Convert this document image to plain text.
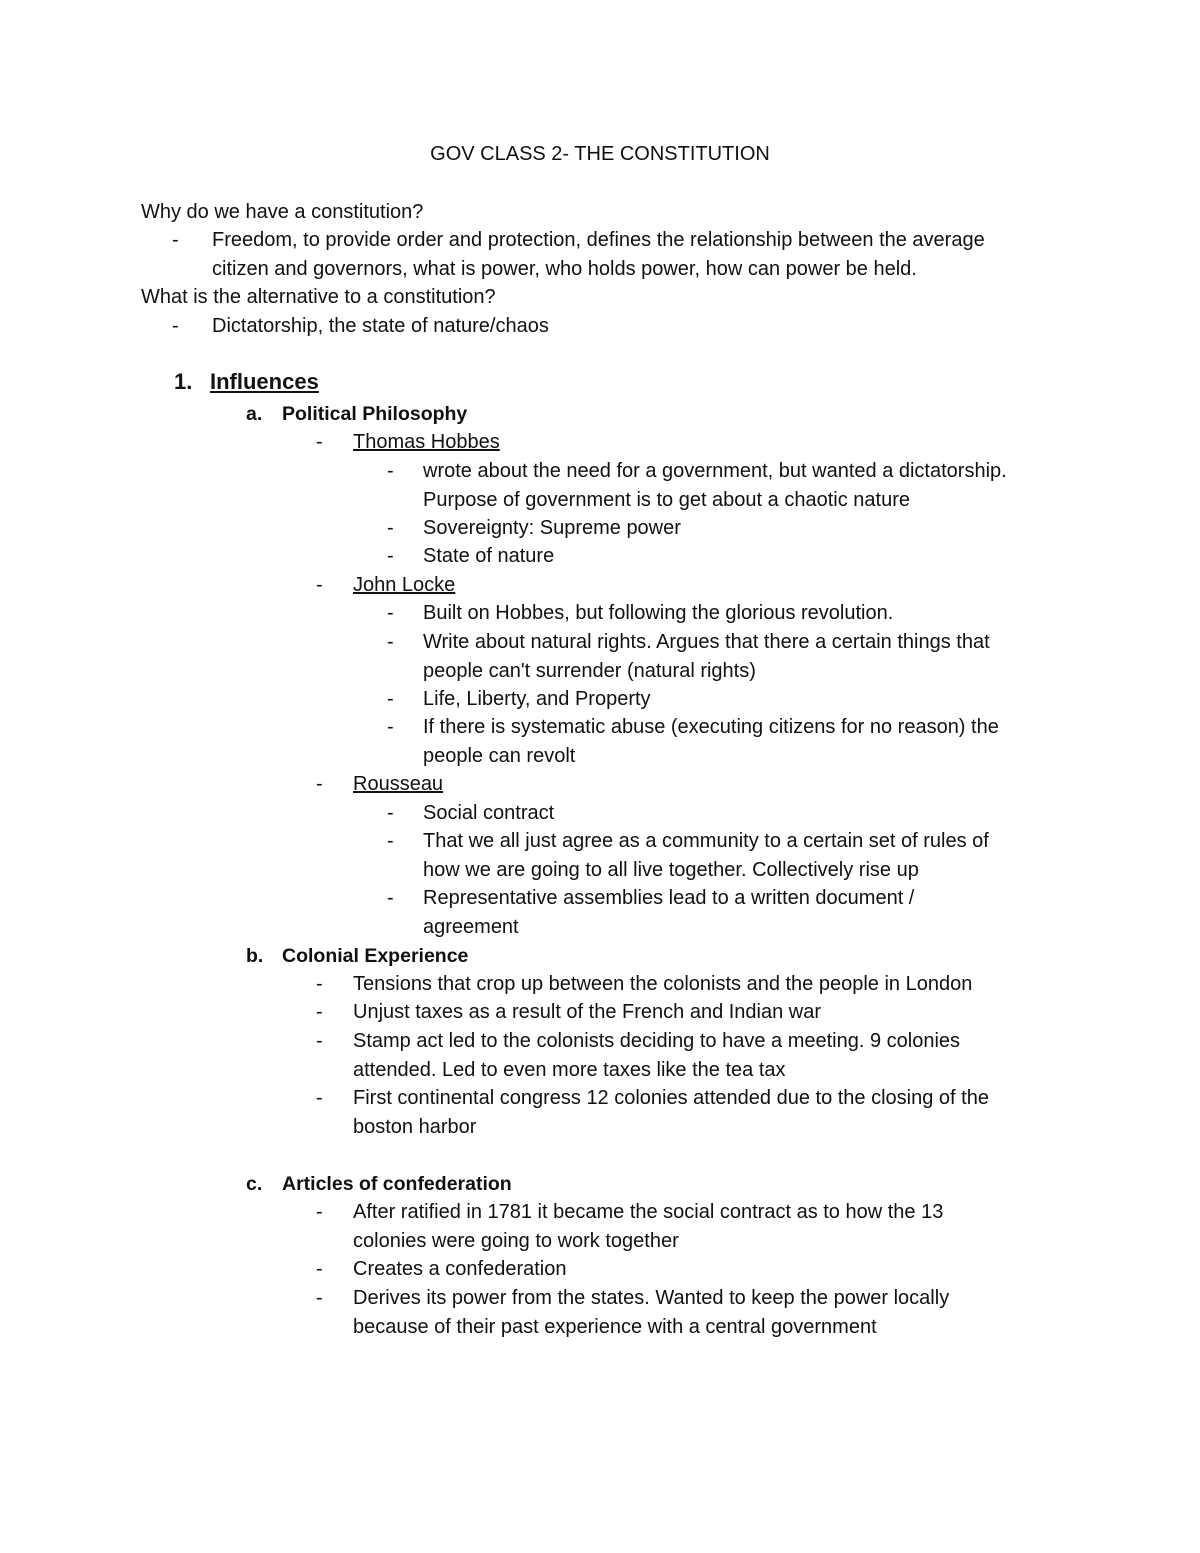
GOV CLASS 2- THE CONSTITUTION
Why do we have a constitution?
-	Freedom, to provide order and protection, defines the relationship between the average
citizen and governors, what is power, who holds power, how can power be held.
What is the alternative to a constitution?
-	Dictatorship, the state of nature/chaos
1. Influences
a.	Political Philosophy
-	Thomas Hobbes
-	wrote about the need for a government, but wanted a dictatorship.
Purpose of government is to get about a chaotic nature
-	Sovereignty: Supreme power
-	State of nature
-	John Locke
-	Built on Hobbes, but following the glorious revolution.
-	Write about natural rights. Argues that there a certain things that
people can't surrender (natural rights)
-	Life, Liberty, and Property
-	If there is systematic abuse (executing citizens for no reason) the
people can revolt
-	Rousseau
-	Social contract
-	That we all just agree as a community to a certain set of rules of
how we are going to all live together. Collectively rise up
-	Representative assemblies lead to a written document /
agreement
b. Colonial Experience
-	Tensions that crop up between the colonists and the people in London
-	Unjust taxes as a result of the French and Indian war
-	Stamp act led to the colonists deciding to have a meeting. 9 colonies
attended. Led to even more taxes like the tea tax
-	First continental congress 12 colonies attended due to the closing of the
boston harbor
c.	Articles of confederation
-	After ratified in 1781 it became the social contract as to how the 13
colonies were going to work together
-	Creates a confederation
-	Derives its power from the states. Wanted to keep the power locally
because of their past experience with a central government
